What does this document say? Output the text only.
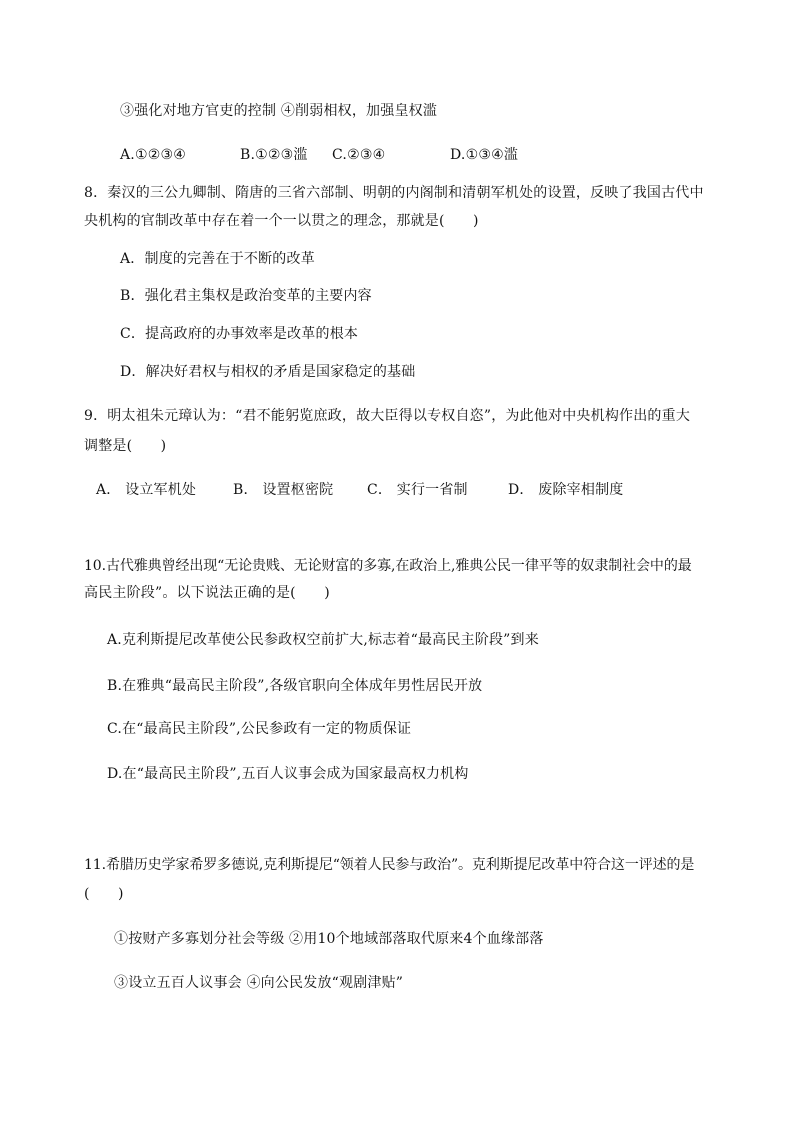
③强化对地方官吏的控制 ④削弱相权，加强皇权滥
A.①②③④	B.①②③滥 C.②③④	D.①③④滥
8．秦汉的三公九卿制、隋唐的三省六部制、明朝的内阁制和清朝军机处的设置，反映了我国古代中
央机构的官制改革中存在着一个一以贯之的理念，那就是(　　)
A．制度的完善在于不断的改革
B．强化君主集权是政治变革的主要内容
C．提高政府的办事效率是改革的根本
D．解决好君权与相权的矛盾是国家稳定的基础
9．明太祖朱元璋认为：“君不能躬览庶政，故大臣得以专权自恣”，为此他对中央机构作出的重大
调整是(　　)
A． 设立军机处	B． 设置枢密院 C． 实行一省制	D． 废除宰相制度
10.古代雅典曾经出现“无论贵贱、无论财富的多寡,在政治上,雅典公民一律平等的奴隶制社会中的最
高民主阶段”。以下说法正确的是(　　)
A.克利斯提尼改革使公民参政权空前扩大,标志着“最高民主阶段”到来
B.在雅典“最高民主阶段”,各级官职向全体成年男性居民开放
C.在“最高民主阶段”,公民参政有一定的物质保证
D.在“最高民主阶段”,五百人议事会成为国家最高权力机构
11.希腊历史学家希罗多德说,克利斯提尼“领着人民参与政治”。克利斯提尼改革中符合这一评述的是
(　　)
①按财产多寡划分社会等级 ②用10个地域部落取代原来4个血缘部落
③设立五百人议事会 ④向公民发放“观剧津贴”
